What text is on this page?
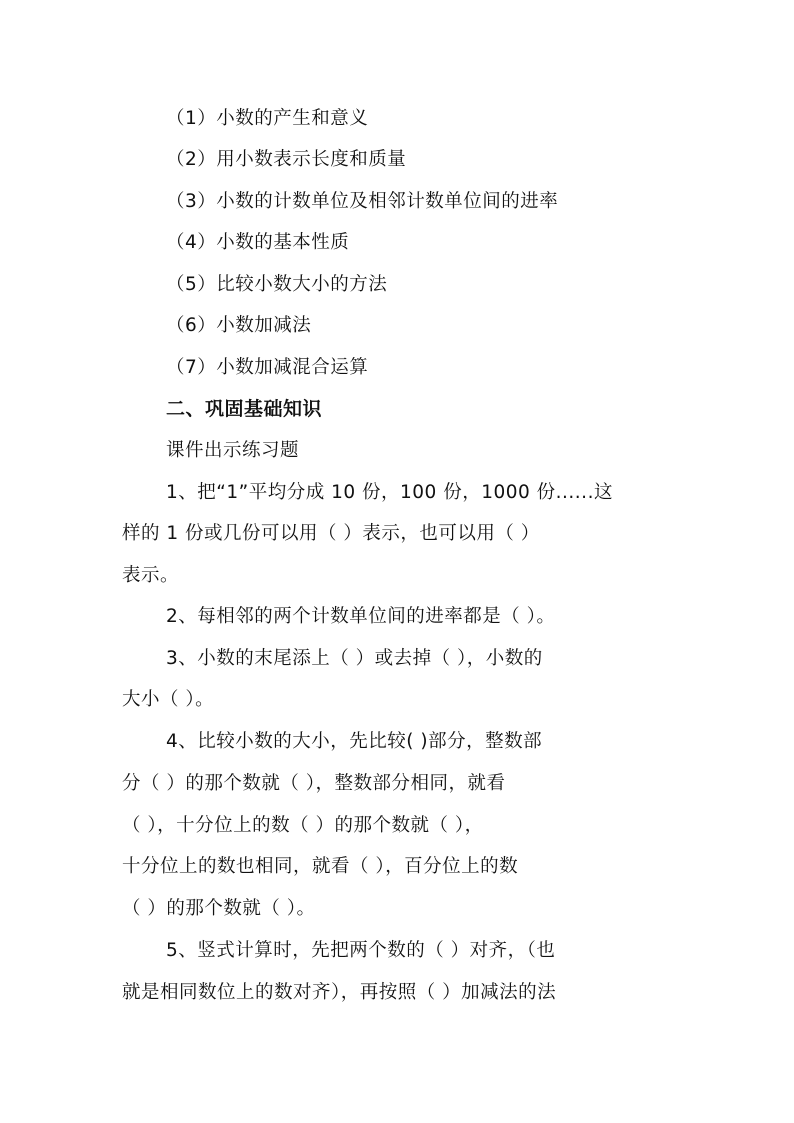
（1）小数的产生和意义
（2）用小数表示长度和质量
（3）小数的计数单位及相邻计数单位间的进率
（4）小数的基本性质
（5）比较小数大小的方法
（6）小数加减法
（7）小数加减混合运算
二、巩固基础知识
课件出示练习题
1、把“1”平均分成 10 份，100 份，1000 份......这
样的 1 份或几份可以用（ ）表示，也可以用（ ）
表示。
2、每相邻的两个计数单位间的进率都是（ ）。
3、小数的末尾添上（ ）或去掉（ ），小数的
大小（ ）。
4、比较小数的大小，先比较( )部分，整数部
分（ ）的那个数就（ ），整数部分相同，就看
（ ），十分位上的数（ ）的那个数就（ ），
十分位上的数也相同，就看（ ），百分位上的数
（ ）的那个数就（ ）。
5、竖式计算时，先把两个数的（ ）对齐，（也
就是相同数位上的数对齐），再按照（ ）加减法的法
